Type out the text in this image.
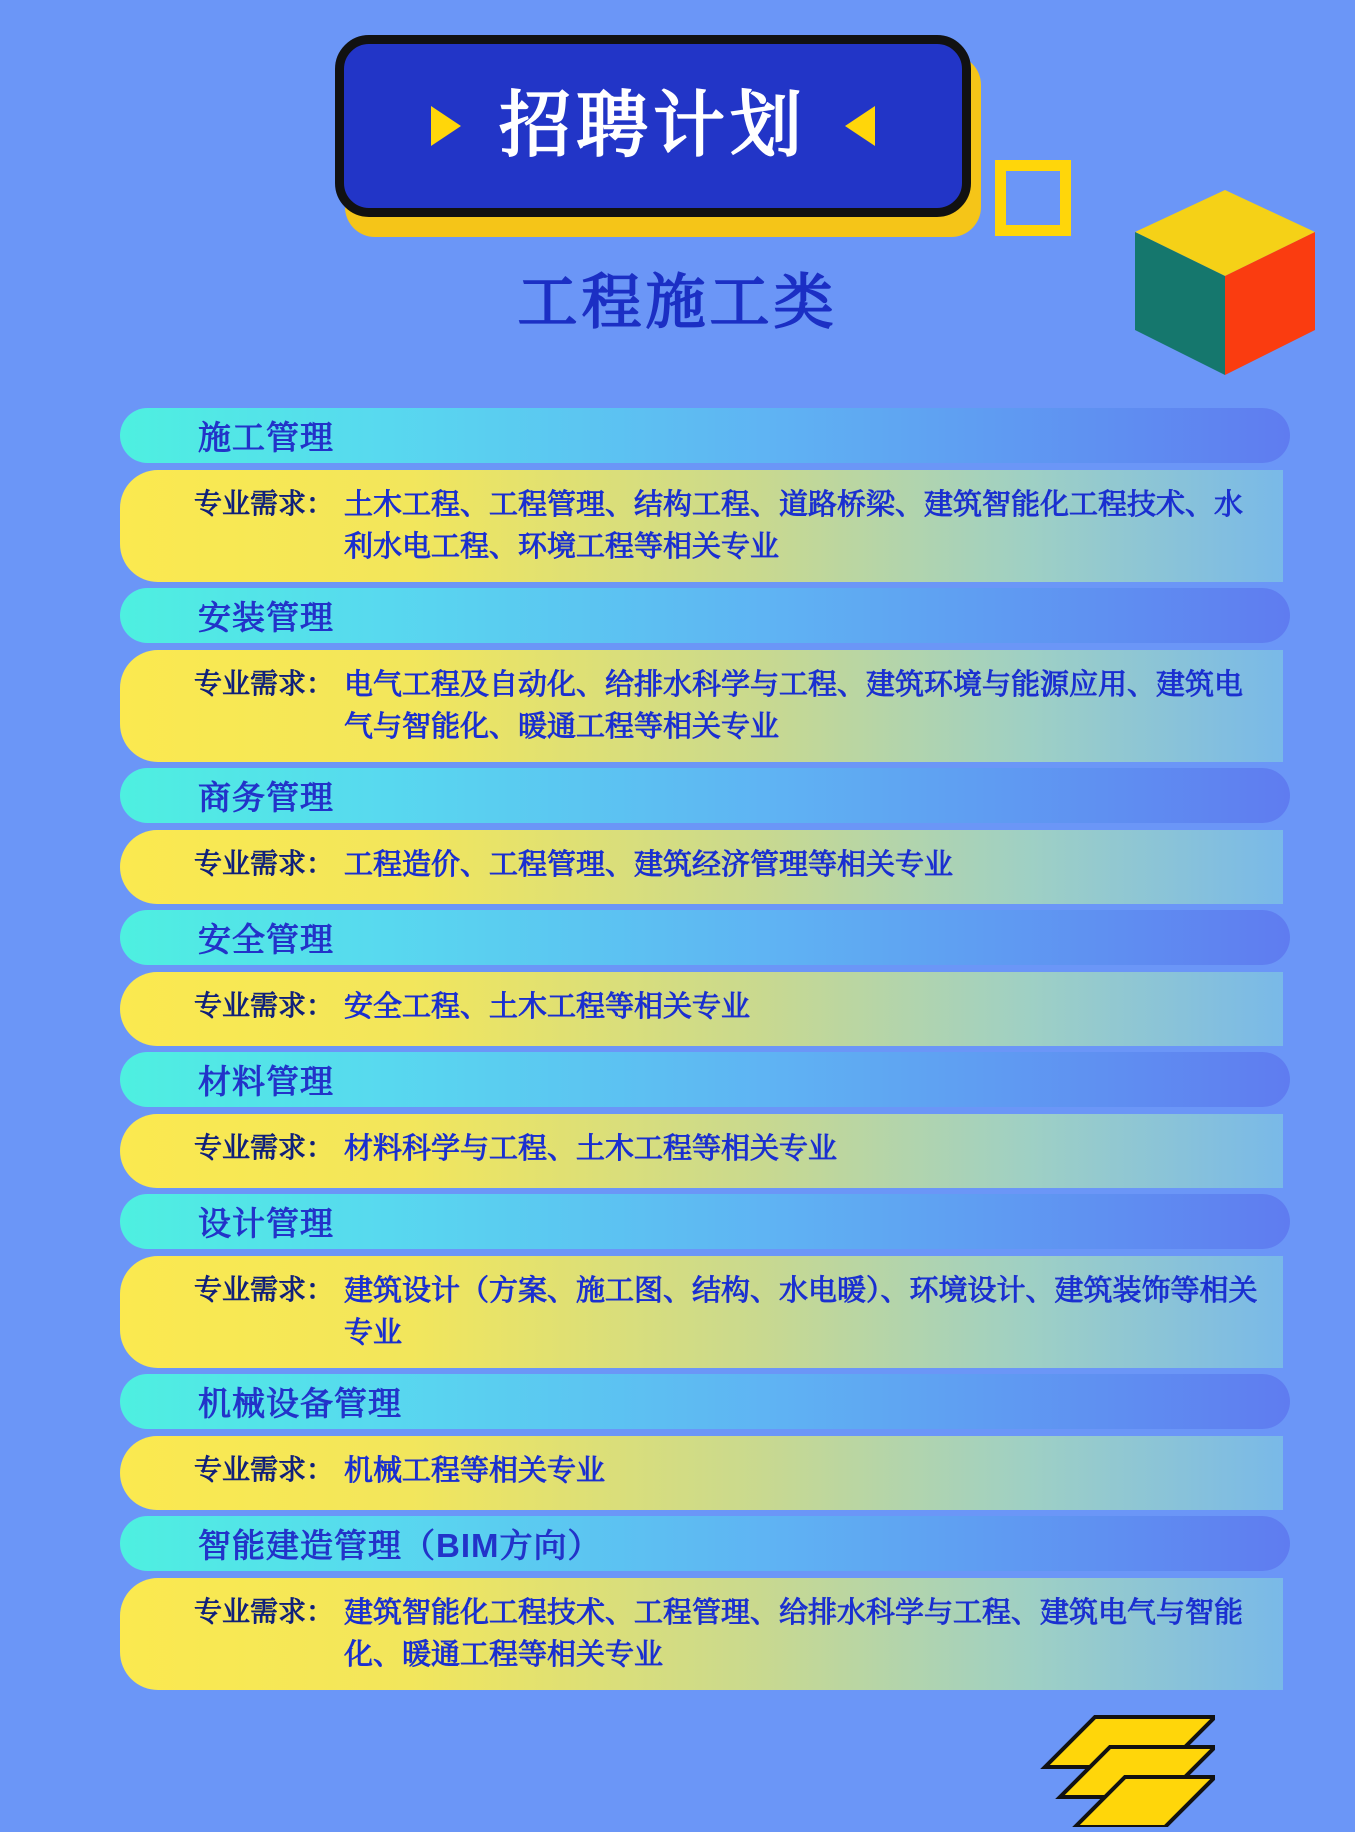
招聘计划
工程施工类
施工管理
专业需求： 土木工程、工程管理、结构工程、道路桥梁、建筑智能化工程技术、水利水电工程、环境工程等相关专业
安装管理
专业需求： 电气工程及自动化、给排水科学与工程、建筑环境与能源应用、建筑电气与智能化、暖通工程等相关专业
商务管理
专业需求： 工程造价、工程管理、建筑经济管理等相关专业
安全管理
专业需求： 安全工程、土木工程等相关专业
材料管理
专业需求： 材料科学与工程、土木工程等相关专业
设计管理
专业需求： 建筑设计（方案、施工图、结构、水电暖）、环境设计、建筑装饰等相关专业
机械设备管理
专业需求： 机械工程等相关专业
智能建造管理（BIM方向）
专业需求： 建筑智能化工程技术、工程管理、给排水科学与工程、建筑电气与智能化、暖通工程等相关专业
